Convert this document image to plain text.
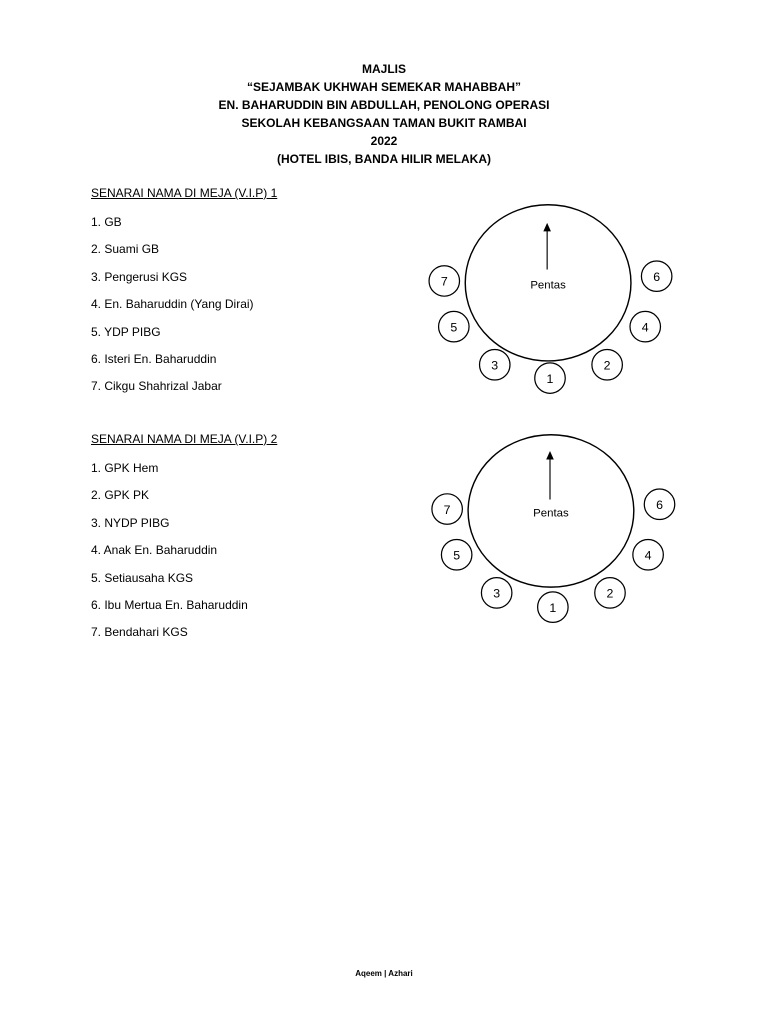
MAJLIS
“SEJAMBAK UKHWAH SEMEKAR MAHABBAH”
EN. BAHARUDDIN BIN ABDULLAH, PENOLONG OPERASI
SEKOLAH KEBANGSAAN TAMAN BUKIT RAMBAI
2022
(HOTEL IBIS, BANDA HILIR MELAKA)
SENARAI NAMA DI MEJA (V.I.P) 1
1. GB
2. Suami GB
3. Pengerusi KGS
4. En. Baharuddin (Yang Dirai)
5. YDP PIBG
6. Isteri En. Baharuddin
7. Cikgu Shahrizal Jabar
Pentas
1
2
3
4
5
6
7
SENARAI NAMA DI MEJA (V.I.P) 2
1. GPK Hem
2. GPK PK
3. NYDP PIBG
4. Anak En. Baharuddin
5. Setiausaha KGS
6. Ibu Mertua En. Baharuddin
7. Bendahari KGS
Pentas
1
2
3
4
5
6
7
Aqeem | Azhari
